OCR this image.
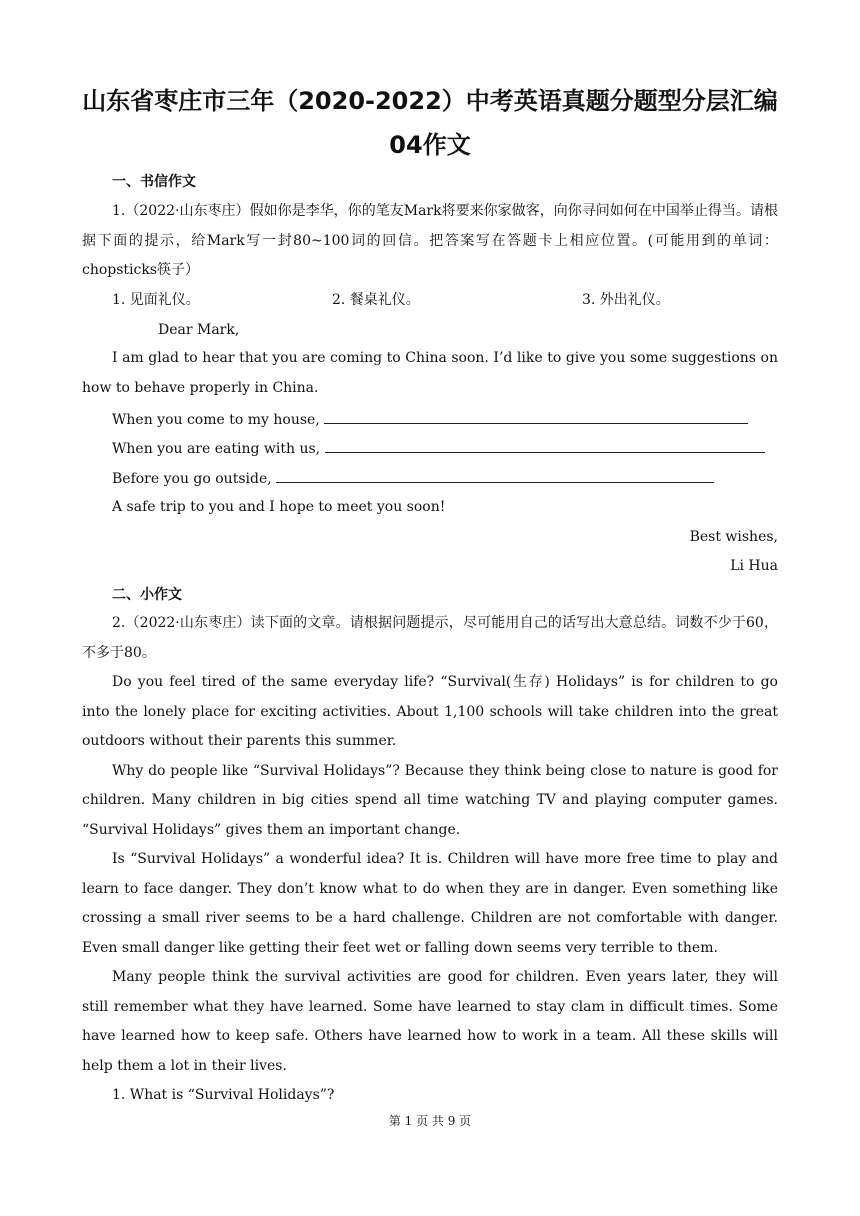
山东省枣庄市三年（2020-2022）中考英语真题分题型分层汇编
04作文
一、书信作文

1.（2022·山东枣庄）假如你是李华，你的笔友Mark将要来你家做客，向你寻问如何在中国举止得当。请根据下面的提示，给Mark写一封80~100词的回信。把答案写在答题卡上相应位置。(可能用到的单词：chopsticks筷子）

1. 见面礼仪。	2. 餐桌礼仪。	3. 外出礼仪。
Dear Mark,

I am glad to hear that you are coming to China soon. I’d like to give you some suggestions on how to behave properly in China.

When you come to my house,
When you are eating with us,
Before you go outside,
A safe trip to you and I hope to meet you soon!
Best wishes,
Li Hua
二、小作文

2.（2022·山东枣庄）读下面的文章。请根据问题提示，尽可能用自己的话写出大意总结。词数不少于60，不多于80。

Do you feel tired of the same everyday life? “Survival(生存) Holidays” is for children to go into the lonely place for exciting activities. About 1,100 schools will take children into the great outdoors without their parents this summer.

Why do people like “Survival Holidays”? Because they think being close to nature is good for children. Many children in big cities spend all time watching TV and playing computer games. “Survival Holidays” gives them an important change.

Is “Survival Holidays” a wonderful idea? It is. Children will have more free time to play and learn to face danger. They don’t know what to do when they are in danger. Even something like crossing a small river seems to be a hard challenge. Children are not comfortable with danger. Even small danger like getting their feet wet or falling down seems very terrible to them.

Many people think the survival activities are good for children. Even years later, they will still remember what they have learned. Some have learned to stay clam in difficult times. Some have learned how to keep safe. Others have learned how to work in a team. All these skills will help them a lot in their lives.

1. What is “Survival Holidays”?

第 1 页 共 9 页
